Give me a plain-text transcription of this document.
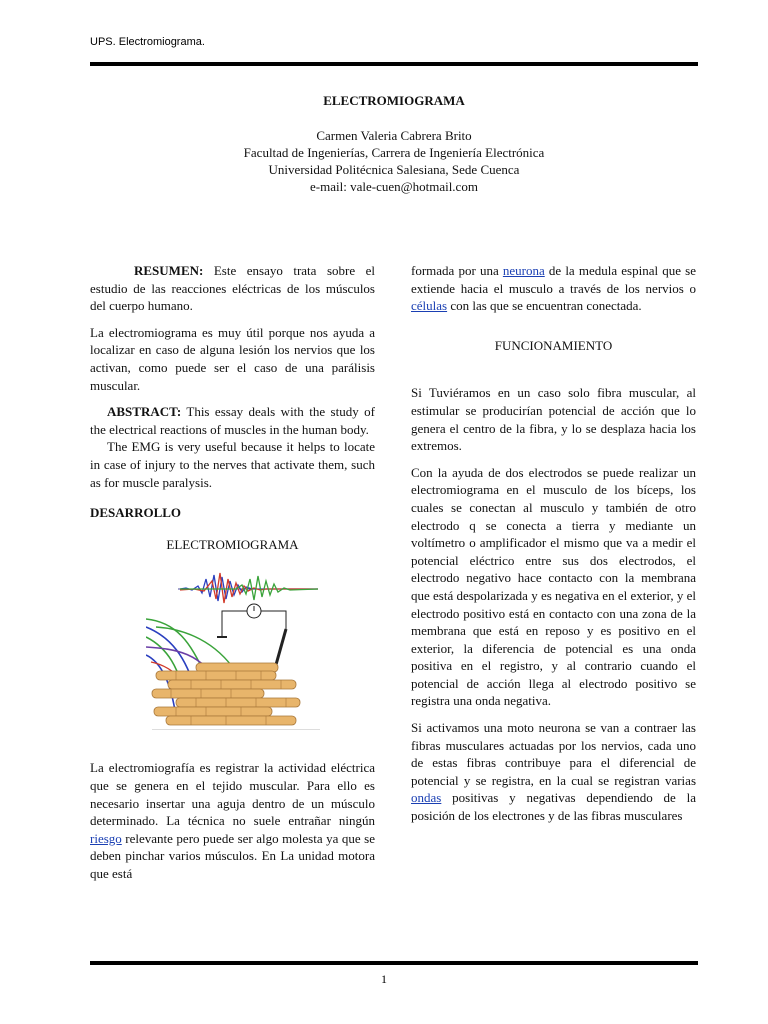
UPS. Electromiograma.
ELECTROMIOGRAMA
Carmen Valeria Cabrera Brito
Facultad de Ingenierías, Carrera de Ingeniería Electrónica
Universidad Politécnica Salesiana, Sede Cuenca
e-mail: vale-cuen@hotmail.com

RESUMEN: Este ensayo trata sobre el estudio de las reacciones eléctricas de los músculos del cuerpo humano.

La electromiograma es muy útil porque nos ayuda a localizar en caso de alguna lesión los nervios que los activan, como puede ser el caso de una parálisis muscular.

ABSTRACT: This essay deals with the study of the electrical reactions of muscles in the human body.

The EMG is very useful because it helps to locate in case of injury to the nerves that activate them, such as for muscle paralysis.

DESARROLLO

ELECTROMIOGRAMA

La electromiografía es registrar la actividad eléctrica que se genera en el tejido muscular. Para ello es necesario insertar una aguja dentro de un músculo determinado. La técnica no suele entrañar ningún riesgo relevante pero puede ser algo molesta ya que se deben pinchar varios músculos. En La unidad motora que está

formada por una neurona de la medula espinal que se extiende hacia el musculo a través de los nervios o células con las que se encuentran conectada.

FUNCIONAMIENTO

Si Tuviéramos en un caso solo fibra muscular, al estimular se producirían potencial de acción que lo genera el centro de la fibra, y lo se desplaza hacia los extremos.

Con la ayuda de dos electrodos se puede realizar un electromiograma en el musculo de los bíceps, los cuales se conectan al musculo y también de otro electrodo q se conecta a tierra y mediante un voltímetro o amplificador el mismo que va a medir el potencial eléctrico entre sus dos electrodos, el electrodo negativo hace contacto con la membrana que está despolarizada y es negativa en el exterior, y el electrodo positivo está en contacto con una zona de la membrana que está en reposo y es positivo en el exterior, la diferencia de potencial es una onda positiva en el registro, y al contrario cuando el potencial de acción llega al electrodo positivo se registra una onda negativa.

Si activamos una moto neurona se van a contraer las fibras musculares actuadas por los nervios, cada uno de estas fibras contribuye para el diferencial de potencial y se registra, en la cual se registran varias ondas positivas y negativas dependiendo de la posición de los electrones y de las fibras musculares

1
